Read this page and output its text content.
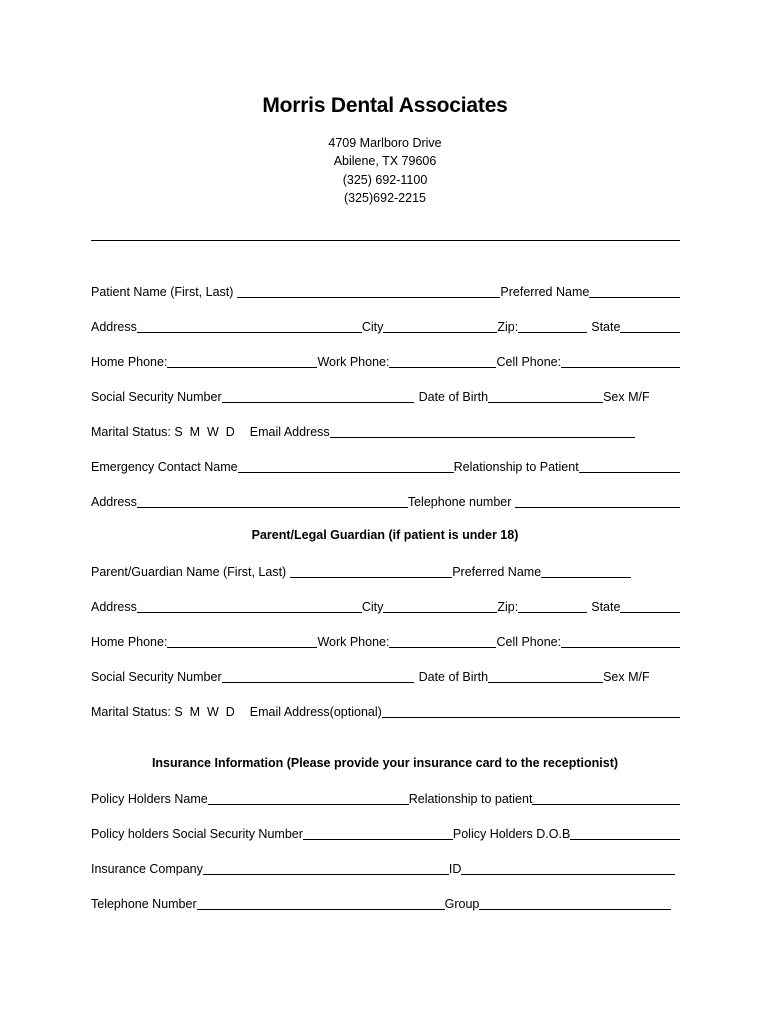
Morris Dental Associates
4709 Marlboro Drive
Abilene, TX 79606
(325) 692-1100
(325)692-2215
Patient Name (First, Last)	Preferred Name
Address	City	Zip:	State
Home Phone:	Work Phone:	Cell Phone:
Social Security Number	Date of Birth	Sex M/F
Marital Status: S  M  W  D Email Address
Emergency Contact Name	Relationship to Patient
Address	Telephone number
Parent/Legal Guardian (if patient is under 18)
Parent/Guardian Name (First, Last)	Preferred Name
Address	City	Zip:	State
Home Phone:	Work Phone:	Cell Phone:
Social Security Number	Date of Birth	Sex M/F
Marital Status: S  M  W  D Email Address(optional)
Insurance Information (Please provide your insurance card to the receptionist)
Policy Holders Name	Relationship to patient
Policy holders Social Security Number	Policy Holders D.O.B
Insurance Company	ID
Telephone Number	Group
